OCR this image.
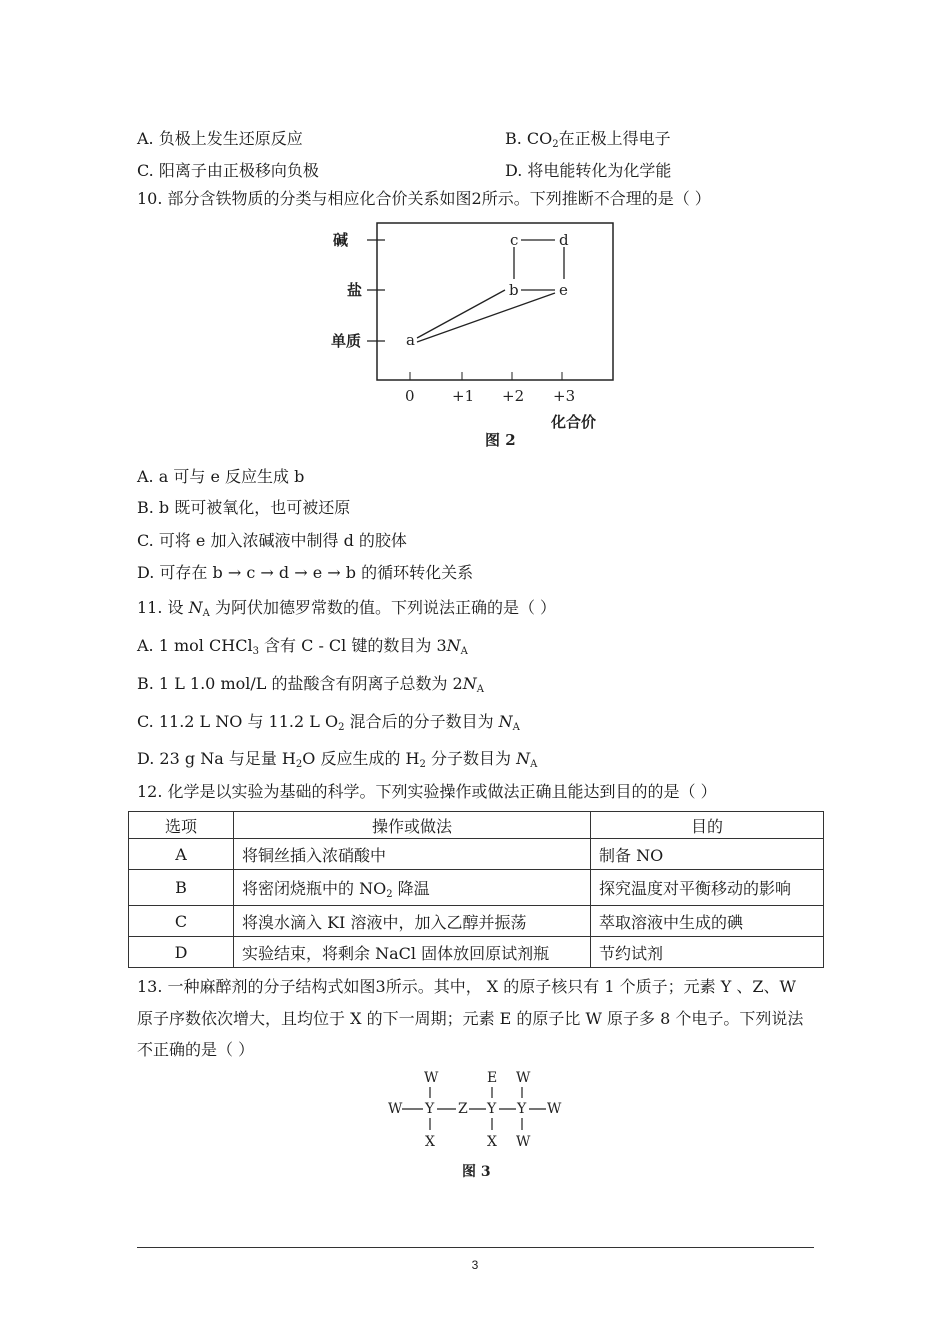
A. 负极上发生还原反应	B. $CO_2$在正极上得电子
C. 阳离子由正极移向负极	D. 将电能转化为化学能
10. 部分含铁物质的分类与相应化合价关系如图2所示。下列推断不合理的是（ ）
碱
盐
单质
0 +1 +2 +3
化合价
图 2
a
b
c	d
e
A. a 可与 e 反应生成 b
B. b 既可被氧化，也可被还原
C. 可将 e 加入浓碱液中制得 d 的胶体
D. 可存在 b → c → d → e → b 的循环转化关系
11. 设 $N_A$ 为阿伏加德罗常数的值。下列说法正确的是（ ）
A. 1 mol CHCl$_3$ 含有 C - Cl 键的数目为 $3N_A$
B. 1 L 1.0 mol/L 的盐酸含有阴离子总数为 $2N_A$
C. 11.2 L NO 与 11.2 L $O_2$ 混合后的分子数目为 $N_A$
D. 23 g Na 与足量 $H_2O$ 反应生成的 $H_2$ 分子数目为 $N_A$
12. 化学是以实验为基础的科学。下列实验操作或做法正确且能达到目的的是（ ）
选项	操作或做法	目的
A	将铜丝插入浓硝酸中	制备 NO
B	将密闭烧瓶中的 $NO_2$ 降温	探究温度对平衡移动的影响
C	将溴水滴入 KI 溶液中，加入乙醇并振荡	萃取溶液中生成的碘
D	实验结束，将剩余 NaCl 固体放回原试剂瓶	节约试剂
13. 一种麻醉剂的分子结构式如图3所示。其中， X 的原子核只有 1 个质子；元素 Y 、Z、W
原子序数依次增大，且均位于 X 的下一周期；元素 E 的原子比 W 原子多 8 个电子。下列说法
不正确的是（ ）
W	E W
W Y Z Y Y W
X	X W
图 3
3
